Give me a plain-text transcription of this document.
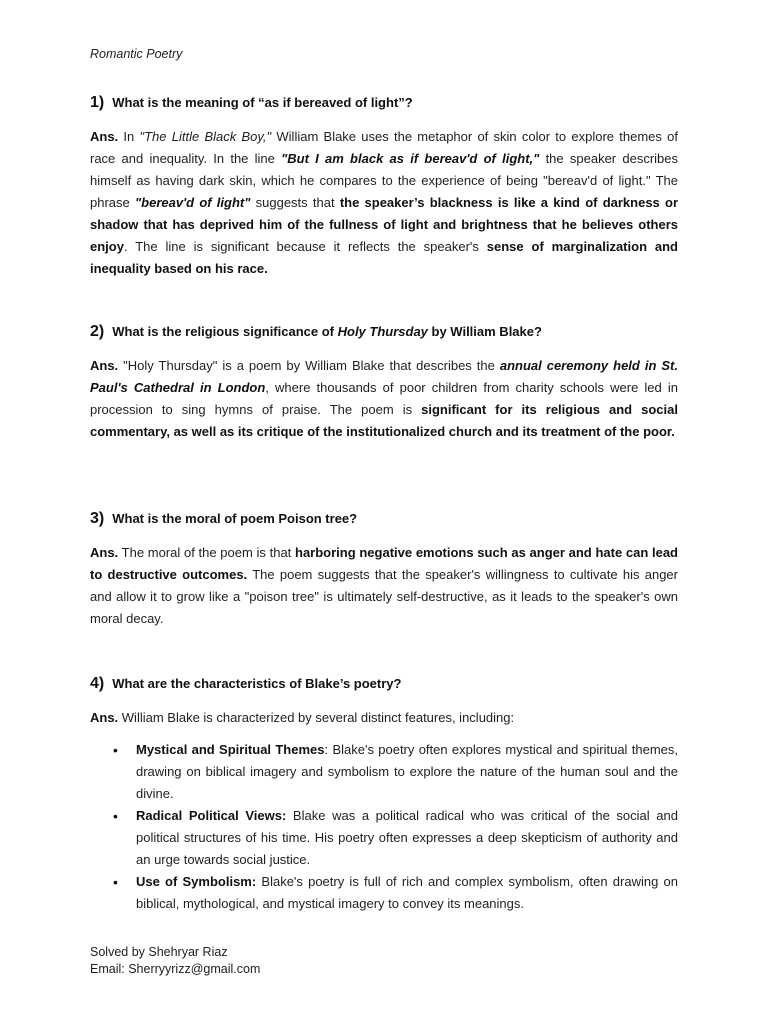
Romantic Poetry
1) What is the meaning of “as if bereaved of light”?
Ans. In "The Little Black Boy," William Blake uses the metaphor of skin color to explore themes of race and inequality. In the line "But I am black as if bereav'd of light," the speaker describes himself as having dark skin, which he compares to the experience of being "bereav'd of light." The phrase "bereav'd of light" suggests that the speaker’s blackness is like a kind of darkness or shadow that has deprived him of the fullness of light and brightness that he believes others enjoy. The line is significant because it reflects the speaker's sense of marginalization and inequality based on his race.
2) What is the religious significance of Holy Thursday by William Blake?
Ans. "Holy Thursday" is a poem by William Blake that describes the annual ceremony held in St. Paul's Cathedral in London, where thousands of poor children from charity schools were led in procession to sing hymns of praise. The poem is significant for its religious and social commentary, as well as its critique of the institutionalized church and its treatment of the poor.
3) What is the moral of poem Poison tree?
Ans. The moral of the poem is that harboring negative emotions such as anger and hate can lead to destructive outcomes. The poem suggests that the speaker's willingness to cultivate his anger and allow it to grow like a "poison tree" is ultimately self-destructive, as it leads to the speaker's own moral decay.
4) What are the characteristics of Blake’s poetry?
Ans. William Blake is characterized by several distinct features, including:
• Mystical and Spiritual Themes: Blake's poetry often explores mystical and spiritual themes, drawing on biblical imagery and symbolism to explore the nature of the human soul and the divine.
• Radical Political Views: Blake was a political radical who was critical of the social and political structures of his time. His poetry often expresses a deep skepticism of authority and an urge towards social justice.
• Use of Symbolism: Blake's poetry is full of rich and complex symbolism, often drawing on biblical, mythological, and mystical imagery to convey its meanings.
Solved by Shehryar Riaz
Email: Sherryyrizz@gmail.com
